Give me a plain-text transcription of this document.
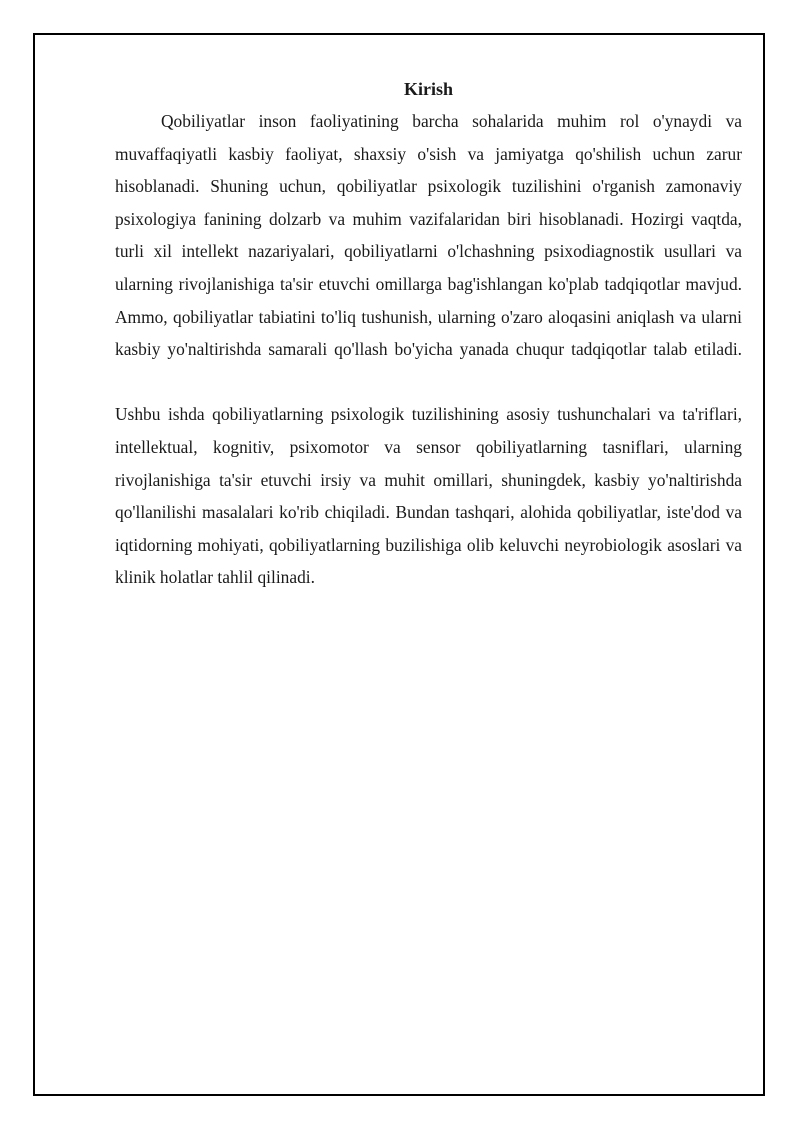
Kirish

Qobiliyatlar inson faoliyatining barcha sohalarida muhim rol o'ynaydi va muvaffaqiyatli kasbiy faoliyat, shaxsiy o'sish va jamiyatga qo'shilish uchun zarur hisoblanadi. Shuning uchun, qobiliyatlar psixologik tuzilishini o'rganish zamonaviy psixologiya fanining dolzarb va muhim vazifalaridan biri hisoblanadi. Hozirgi vaqtda, turli xil intellekt nazariyalari, qobiliyatlarni o'lchashning psixodiagnostik usullari va ularning rivojlanishiga ta'sir etuvchi omillarga bag'ishlangan ko'plab tadqiqotlar mavjud. Ammo, qobiliyatlar tabiatini to'liq tushunish, ularning o'zaro aloqasini aniqlash va ularni kasbiy yo'naltirishda samarali qo'llash bo'yicha yanada chuqur tadqiqotlar talab etiladi.

Ushbu ishda qobiliyatlarning psixologik tuzilishining asosiy tushunchalari va ta'riflari, intellektual, kognitiv, psixomotor va sensor qobiliyatlarning tasniflari, ularning rivojlanishiga ta'sir etuvchi irsiy va muhit omillari, shuningdek, kasbiy yo'naltirishda qo'llanilishi masalalari ko'rib chiqiladi. Bundan tashqari, alohida qobiliyatlar, iste'dod va iqtidorning mohiyati, qobiliyatlarning buzilishiga olib keluvchi neyrobiologik asoslari va klinik holatlar tahlil qilinadi.
